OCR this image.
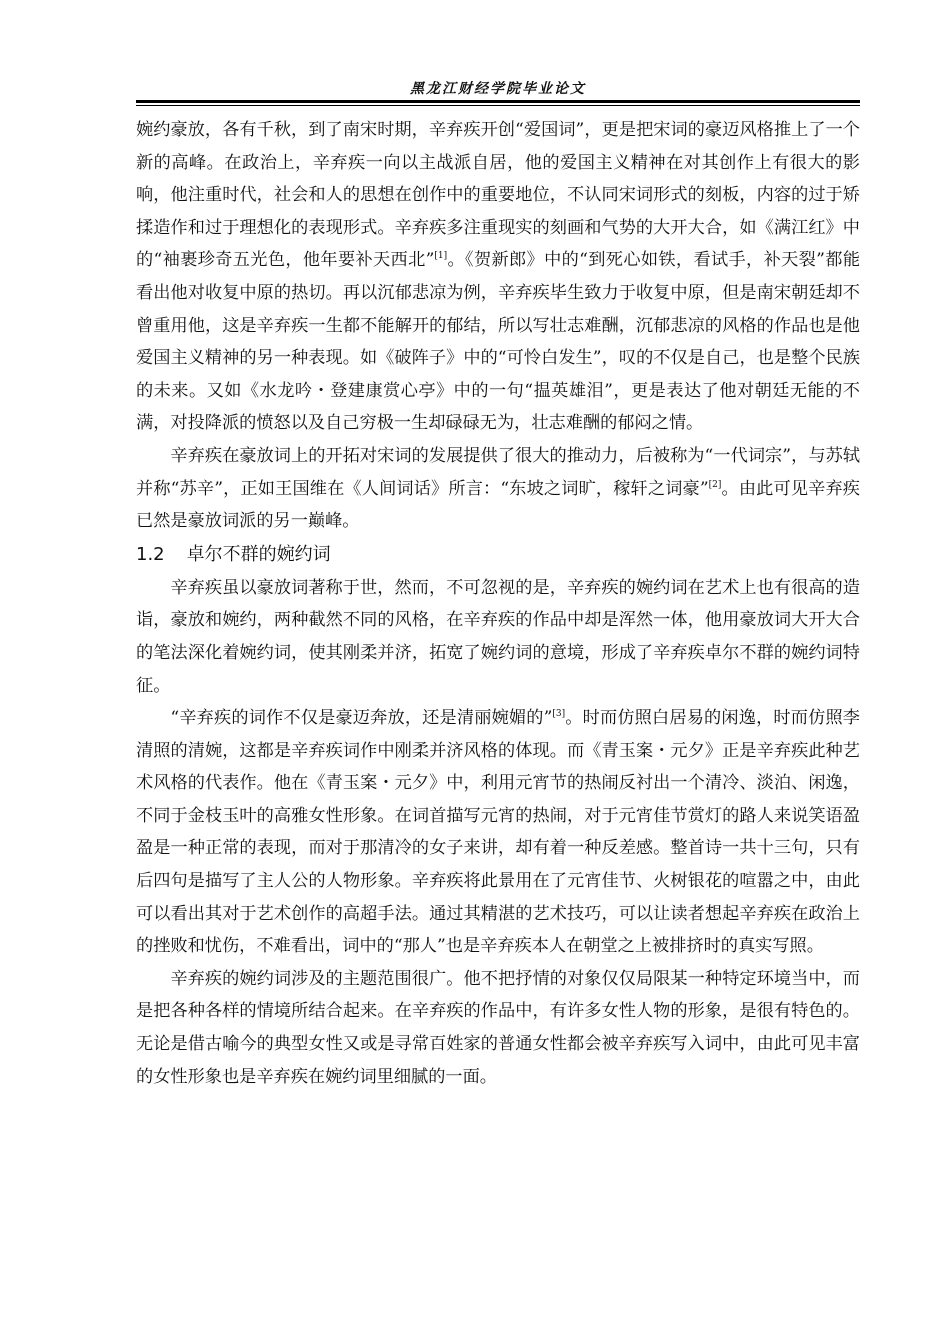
黑龙江财经学院毕业论文

婉约豪放，各有千秋，到了南宋时期，辛弃疾开创“爱国词”，更是把宋词的豪迈风格推上了一个新的高峰。在政治上，辛弃疾一向以主战派自居，他的爱国主义精神在对其创作上有很大的影响，他注重时代，社会和人的思想在创作中的重要地位，不认同宋词形式的刻板，内容的过于矫揉造作和过于理想化的表现形式。辛弃疾多注重现实的刻画和气势的大开大合，如《满江红》中的“袖裹珍奇五光色，他年要补天西北”[1]。《贺新郎》中的“到死心如铁，看试手，补天裂”都能看出他对收复中原的热切。再以沉郁悲凉为例，辛弃疾毕生致力于收复中原，但是南宋朝廷却不曾重用他，这是辛弃疾一生都不能解开的郁结，所以写壮志难酬，沉郁悲凉的风格的作品也是他爱国主义精神的另一种表现。如《破阵子》中的“可怜白发生”，叹的不仅是自己，也是整个民族的未来。又如《水龙吟・登建康赏心亭》中的一句“揾英雄泪”，更是表达了他对朝廷无能的不满，对投降派的愤怒以及自己穷极一生却碌碌无为，壮志难酬的郁闷之情。

辛弃疾在豪放词上的开拓对宋词的发展提供了很大的推动力，后被称为“一代词宗”，与苏轼并称“苏辛”，正如王国维在《人间词话》所言：“东坡之词旷，稼轩之词豪”[2]。由此可见辛弃疾已然是豪放词派的另一巅峰。

1.2 卓尔不群的婉约词

辛弃疾虽以豪放词著称于世，然而，不可忽视的是，辛弃疾的婉约词在艺术上也有很高的造诣，豪放和婉约，两种截然不同的风格，在辛弃疾的作品中却是浑然一体，他用豪放词大开大合的笔法深化着婉约词，使其刚柔并济，拓宽了婉约词的意境，形成了辛弃疾卓尔不群的婉约词特征。

“辛弃疾的词作不仅是豪迈奔放，还是清丽婉媚的”[3]。时而仿照白居易的闲逸，时而仿照李清照的清婉，这都是辛弃疾词作中刚柔并济风格的体现。而《青玉案・元夕》正是辛弃疾此种艺术风格的代表作。他在《青玉案・元夕》中，利用元宵节的热闹反衬出一个清冷、淡泊、闲逸，不同于金枝玉叶的高雅女性形象。在词首描写元宵的热闹，对于元宵佳节赏灯的路人来说笑语盈盈是一种正常的表现，而对于那清冷的女子来讲，却有着一种反差感。整首诗一共十三句，只有后四句是描写了主人公的人物形象。辛弃疾将此景用在了元宵佳节、火树银花的喧嚣之中，由此可以看出其对于艺术创作的高超手法。通过其精湛的艺术技巧，可以让读者想起辛弃疾在政治上的挫败和忧伤，不难看出，词中的“那人”也是辛弃疾本人在朝堂之上被排挤时的真实写照。

辛弃疾的婉约词涉及的主题范围很广。他不把抒情的对象仅仅局限某一种特定环境当中，而是把各种各样的情境所结合起来。在辛弃疾的作品中，有许多女性人物的形象，是很有特色的。无论是借古喻今的典型女性又或是寻常百姓家的普通女性都会被辛弃疾写入词中，由此可见丰富的女性形象也是辛弃疾在婉约词里细腻的一面。
